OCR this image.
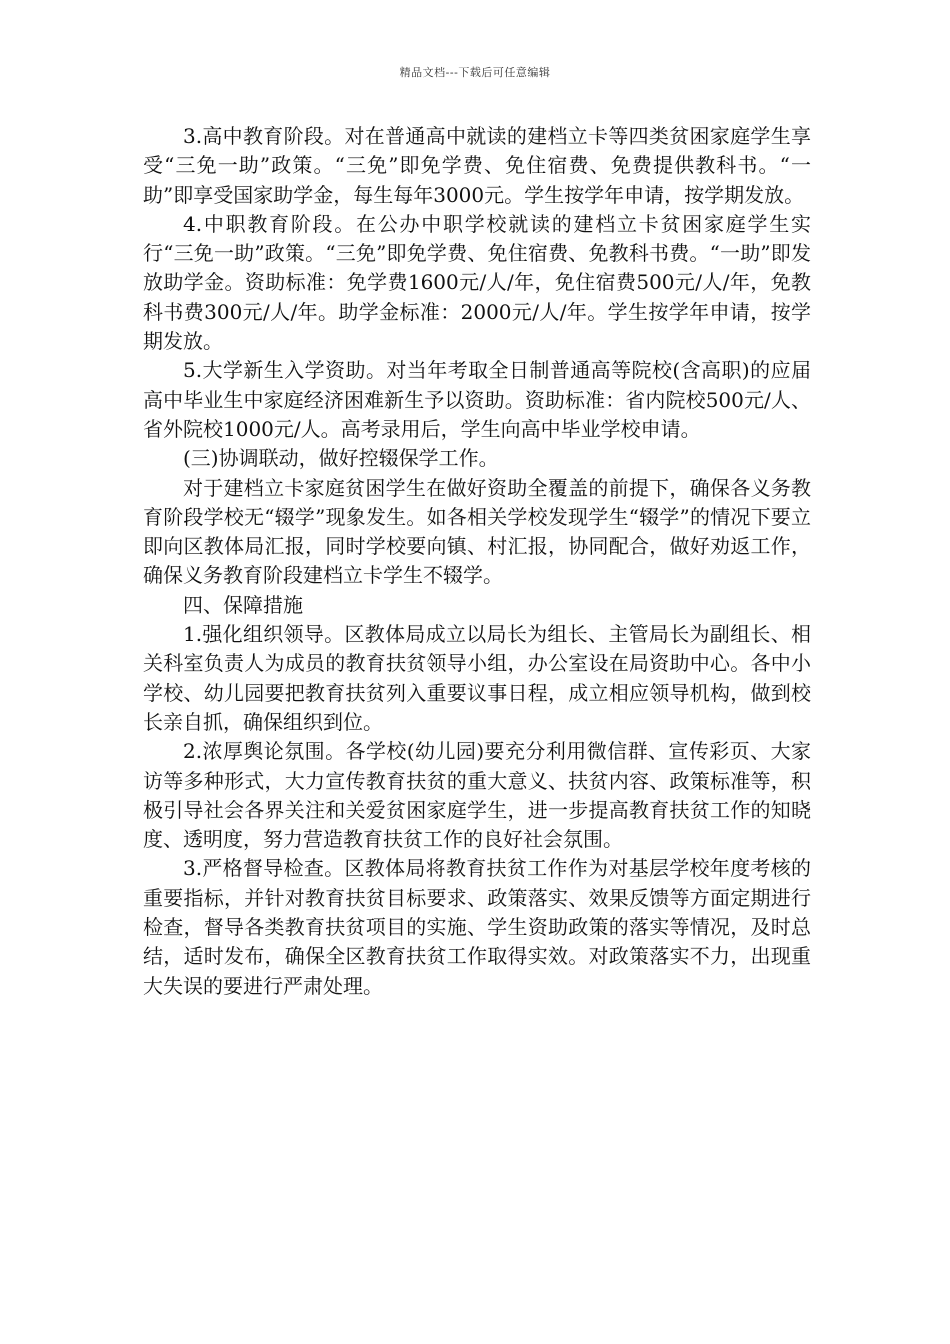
精品文档---下载后可任意编辑

3.高中教育阶段。对在普通高中就读的建档立卡等四类贫困家庭学生享受“三免一助”政策。“三免”即免学费、免住宿费、免费提供教科书。“一助”即享受国家助学金，每生每年3000元。学生按学年申请，按学期发放。

4.中职教育阶段。在公办中职学校就读的建档立卡贫困家庭学生实行“三免一助”政策。“三免”即免学费、免住宿费、免教科书费。“一助”即发放助学金。资助标准：免学费1600元/人/年，免住宿费500元/人/年，免教科书费300元/人/年。助学金标准：2000元/人/年。学生按学年申请，按学期发放。

5.大学新生入学资助。对当年考取全日制普通高等院校(含高职)的应届高中毕业生中家庭经济困难新生予以资助。资助标准：省内院校500元/人、省外院校1000元/人。高考录用后，学生向高中毕业学校申请。

(三)协调联动，做好控辍保学工作。

对于建档立卡家庭贫困学生在做好资助全覆盖的前提下，确保各义务教育阶段学校无“辍学”现象发生。如各相关学校发现学生“辍学”的情况下要立即向区教体局汇报，同时学校要向镇、村汇报，协同配合，做好劝返工作，确保义务教育阶段建档立卡学生不辍学。

四、保障措施

1.强化组织领导。区教体局成立以局长为组长、主管局长为副组长、相关科室负责人为成员的教育扶贫领导小组，办公室设在局资助中心。各中小学校、幼儿园要把教育扶贫列入重要议事日程，成立相应领导机构，做到校长亲自抓，确保组织到位。

2.浓厚舆论氛围。各学校(幼儿园)要充分利用微信群、宣传彩页、大家访等多种形式，大力宣传教育扶贫的重大意义、扶贫内容、政策标准等，积极引导社会各界关注和关爱贫困家庭学生，进一步提高教育扶贫工作的知晓度、透明度，努力营造教育扶贫工作的良好社会氛围。

3.严格督导检查。区教体局将教育扶贫工作作为对基层学校年度考核的重要指标，并针对教育扶贫目标要求、政策落实、效果反馈等方面定期进行检查，督导各类教育扶贫项目的实施、学生资助政策的落实等情况，及时总结，适时发布，确保全区教育扶贫工作取得实效。对政策落实不力，出现重大失误的要进行严肃处理。
